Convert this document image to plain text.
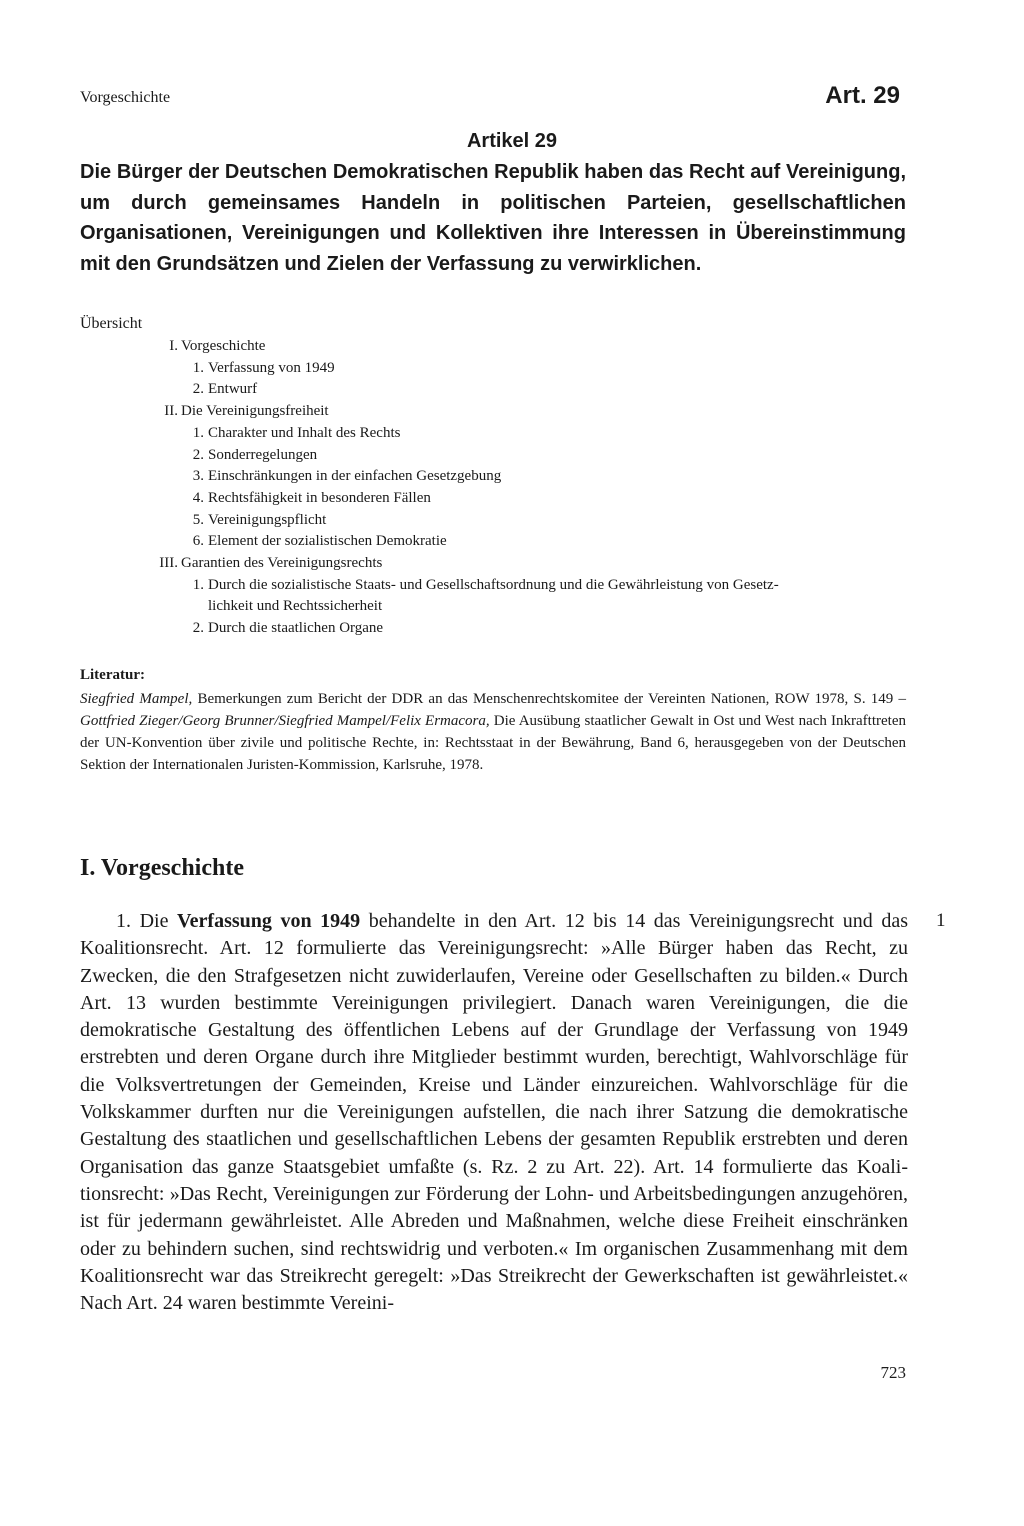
Vorgeschichte	Art. 29
Artikel 29
Die Bürger der Deutschen Demokratischen Republik haben das Recht auf Vereinigung, um durch gemeinsames Handeln in politischen Parteien, gesellschaftlichen Organisationen, Vereinigungen und Kollektiven ihre Interessen in Übereinstimmung mit den Grundsätzen und Zielen der Verfassung zu verwirklichen.
Übersicht
I. Vorgeschichte
1. Verfassung von 1949
2. Entwurf
II. Die Vereinigungsfreiheit
1. Charakter und Inhalt des Rechts
2. Sonderregelungen
3. Einschränkungen in der einfachen Gesetzgebung
4. Rechtsfähigkeit in besonderen Fällen
5. Vereinigungspflicht
6. Element der sozialistischen Demokratie
III. Garantien des Vereinigungsrechts
1. Durch die sozialistische Staats- und Gesellschaftsordnung und die Gewährleistung von Gesetz-
lichkeit und Rechtssicherheit
2. Durch die staatlichen Organe
Literatur:
Siegfried Mampel, Bemerkungen zum Bericht der DDR an das Menschenrechtskomitee der Vereinten Nationen, ROW 1978, S. 149 – Gottfried Zieger/Georg Brunner/Siegfried Mampel/Felix Ermacora, Die Ausübung staatlicher Gewalt in Ost und West nach Inkrafttreten der UN-Konvention über zivile und politische Rechte, in: Rechtsstaat in der Bewährung, Band 6, herausgegeben von der Deutschen Sektion der Internationalen Juristen-Kommission, Karlsruhe, 1978.
I. Vorgeschichte
1. Die Verfassung von 1949 behandelte in den Art. 12 bis 14 das Vereinigungsrecht und das Koalitionsrecht. Art. 12 formulierte das Vereinigungsrecht: »Alle Bürger haben das Recht, zu Zwecken, die den Strafgesetzen nicht zuwiderlaufen, Vereine oder Gesellschaften zu bilden.« Durch Art. 13 wurden bestimmte Vereinigungen privilegiert. Danach waren Vereinigungen, die die demokratische Gestaltung des öffentlichen Lebens auf der Grundlage der Verfassung von 1949 erstrebten und deren Organe durch ihre Mitglieder bestimmt wurden, berechtigt, Wahlvorschläge für die Volksvertretungen der Gemeinden, Kreise und Länder einzureichen. Wahlvorschläge für die Volkskammer durften nur die Vereinigungen aufstellen, die nach ihrer Satzung die demokratische Gestaltung des staatlichen und gesellschaftlichen Lebens der gesamten Republik erstrebten und deren Organisation das ganze Staatsgebiet umfaßte (s. Rz. 2 zu Art. 22). Art. 14 formulierte das Koalitionsrecht: »Das Recht, Vereinigungen zur Förderung der Lohn- und Arbeitsbedingungen anzugehören, ist für jedermann gewährleistet. Alle Abreden und Maßnahmen, welche diese Freiheit einschränken oder zu behindern suchen, sind rechtswidrig und verboten.« Im organischen Zusammenhang mit dem Koalitionsrecht war das Streikrecht geregelt: »Das Streikrecht der Gewerkschaften ist gewährleistet.« Nach Art. 24 waren bestimmte Vereini-
1
723
